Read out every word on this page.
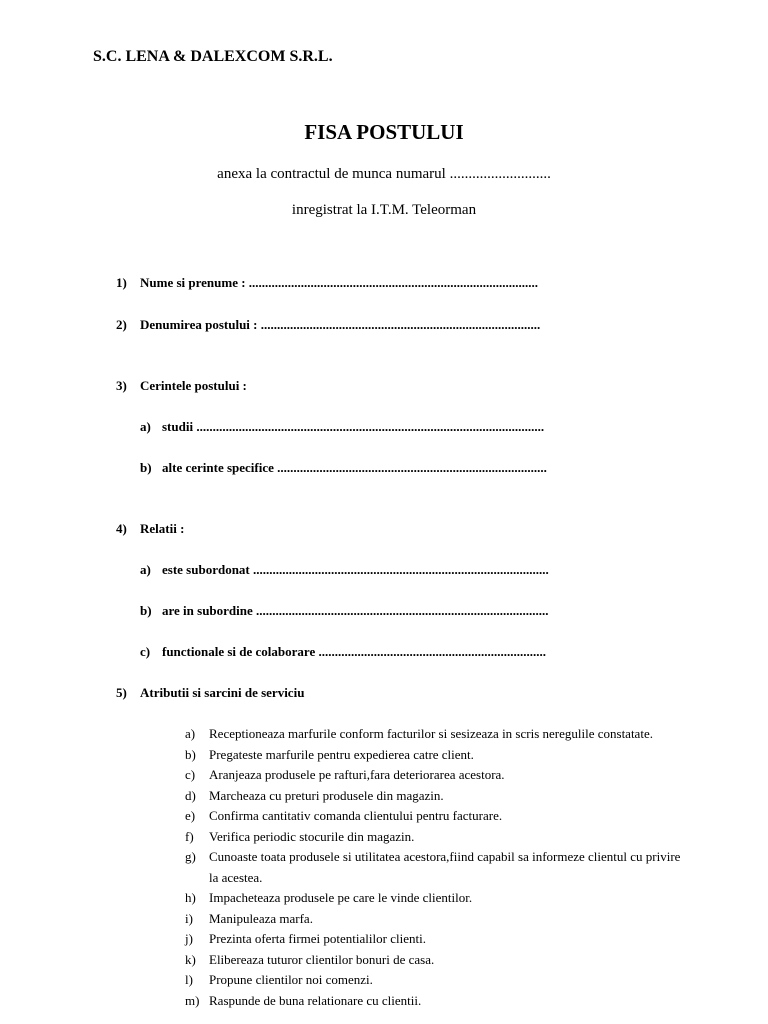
S.C. LENA & DALEXCOM S.R.L.
FISA POSTULUI
anexa la contractul de munca numarul ...........................
inregistrat la I.T.M. Teleorman
1) Nume si prenume : .........................................................................................
2) Denumirea postului : ......................................................................................
3) Cerintele postului :
a) studii ...........................................................................................................
b) alte cerinte specifice ...................................................................................
4) Relatii :
a) este subordonat ...........................................................................................
b) are in subordine ..........................................................................................
c) functionale si de colaborare ......................................................................
5) Atributii si sarcini de serviciu
a)	Receptioneaza marfurile conform facturilor si sesizeaza in scris neregulile constatate.
b)	Pregateste marfurile pentru expedierea catre client.
c)	Aranjeaza produsele pe rafturi,fara deteriorarea acestora.
d)	Marcheaza cu preturi produsele din magazin.
e)	Confirma cantitativ comanda clientului pentru facturare.
f)	Verifica periodic stocurile din magazin.
g)	Cunoaste toata produsele si utilitatea acestora,fiind capabil sa informeze clientul cu privire la acestea.
h)	Impacheteaza produsele pe care le vinde clientilor.
i)	Manipuleaza marfa.
j)	Prezinta oferta firmei potentialilor clienti.
k)	Elibereaza tuturor clientilor bonuri de casa.
l)	Propune clientilor noi comenzi.
m) Raspunde de buna relationare cu clientii.
